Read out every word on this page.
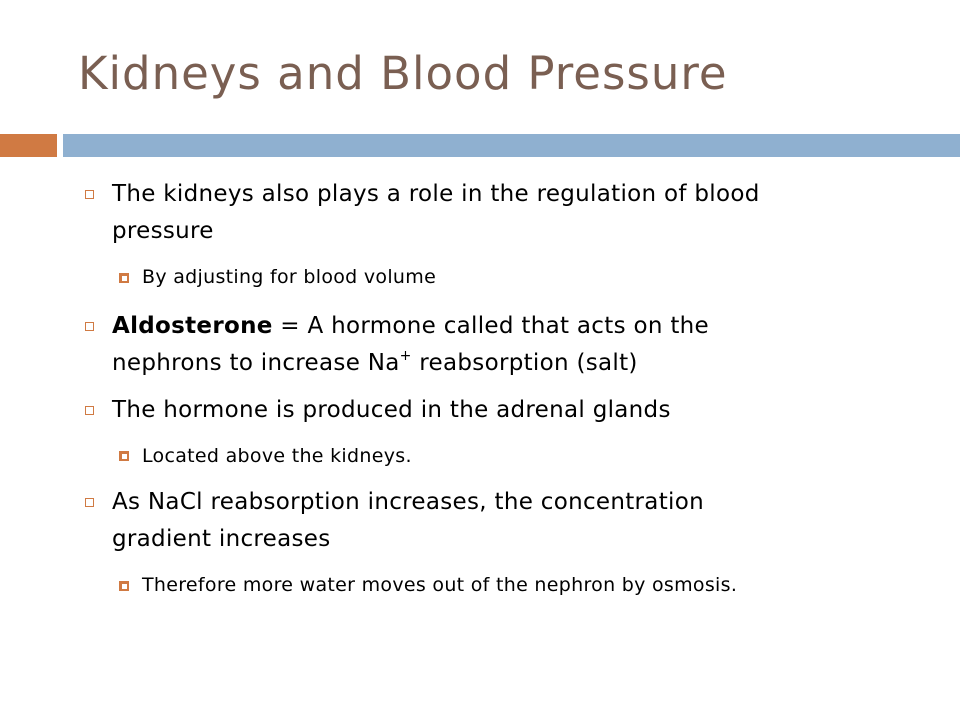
Kidneys and Blood Pressure
The kidneys also plays a role in the regulation of blood
pressure
By adjusting for blood volume
Aldosterone = A hormone called that acts on the
nephrons to increase Na+ reabsorption (salt)
The hormone is produced in the adrenal glands
Located above the kidneys.
As NaCl reabsorption increases, the concentration
gradient increases
Therefore more water moves out of the nephron by osmosis.
